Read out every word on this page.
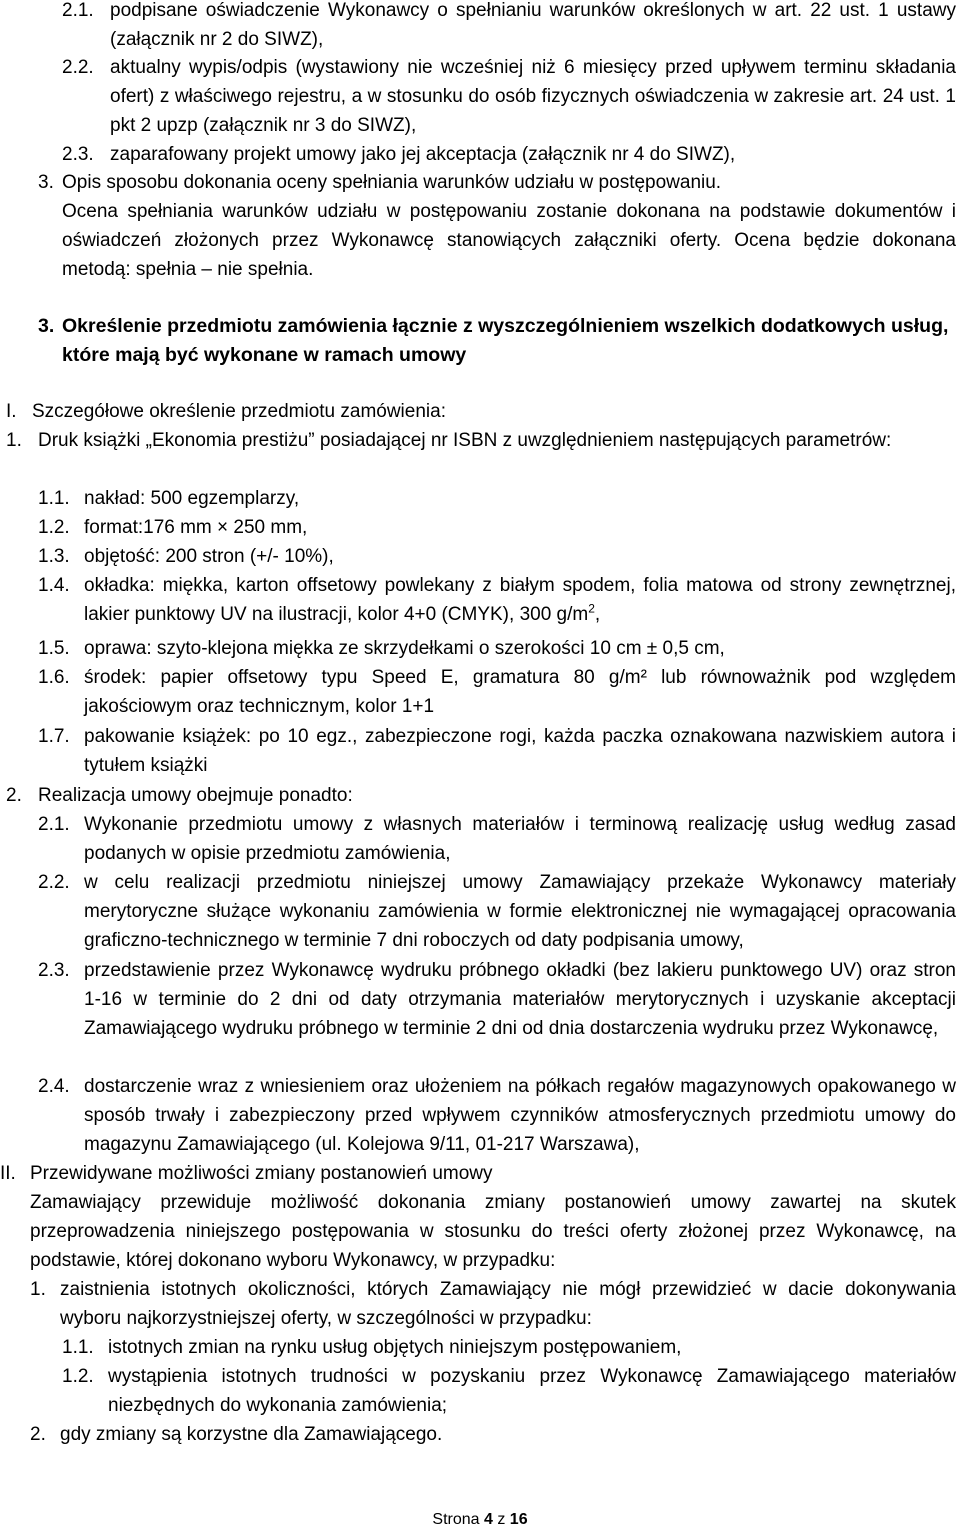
2.1. podpisane oświadczenie Wykonawcy o spełnianiu warunków określonych w art. 22 ust. 1 ustawy (załącznik nr 2 do SIWZ),
2.2. aktualny wypis/odpis (wystawiony nie wcześniej niż 6 miesięcy przed upływem terminu składania ofert) z właściwego rejestru, a w stosunku do osób fizycznych oświadczenia w zakresie art. 24 ust. 1 pkt 2 upzp (załącznik nr 3 do SIWZ),
2.3. zaparafowany projekt umowy jako jej akceptacja (załącznik nr 4 do SIWZ),
3. Opis sposobu dokonania oceny spełniania warunków udziału w postępowaniu.
Ocena spełniania warunków udziału w postępowaniu zostanie dokonana na podstawie dokumentów i oświadczeń złożonych przez Wykonawcę stanowiących załączniki oferty. Ocena będzie dokonana metodą: spełnia – nie spełnia.
3. Określenie przedmiotu zamówienia łącznie z wyszczególnieniem wszelkich dodatkowych usług, które mają być wykonane w ramach umowy
I. Szczegółowe określenie przedmiotu zamówienia:
1. Druk książki „Ekonomia prestiżu” posiadającej nr ISBN z uwzględnieniem następujących parametrów:
1.1. nakład: 500 egzemplarzy,
1.2. format:176 mm × 250 mm,
1.3. objętość: 200 stron (+/- 10%),
1.4. okładka: miękka, karton offsetowy powlekany z białym spodem, folia matowa od strony zewnętrznej, lakier punktowy UV na ilustracji, kolor 4+0 (CMYK), 300 $g/m^2$,
1.5. oprawa: szyto-klejona miękka ze skrzydełkami o szerokości 10 cm ± 0,5 cm,
1.6. środek: papier offsetowy typu Speed E, gramatura 80 g/m² lub równoważnik pod względem jakościowym oraz technicznym, kolor 1+1
1.7. pakowanie książek: po 10 egz., zabezpieczone rogi, każda paczka oznakowana nazwiskiem autora i tytułem książki
2. Realizacja umowy obejmuje ponadto:
2.1. Wykonanie przedmiotu umowy z własnych materiałów i terminową realizację usług według zasad podanych w opisie przedmiotu zamówienia,
2.2. w celu realizacji przedmiotu niniejszej umowy Zamawiający przekaże Wykonawcy materiały merytoryczne służące wykonaniu zamówienia w formie elektronicznej nie wymagającej opracowania graficzno-technicznego w terminie 7 dni roboczych od daty podpisania umowy,
2.3. przedstawienie przez Wykonawcę wydruku próbnego okładki (bez lakieru punktowego UV) oraz stron 1-16 w terminie do 2 dni od daty otrzymania materiałów merytorycznych i uzyskanie akceptacji Zamawiającego wydruku próbnego w terminie 2 dni od dnia dostarczenia wydruku przez Wykonawcę,
2.4. dostarczenie wraz z wniesieniem oraz ułożeniem na półkach regałów magazynowych opakowanego w sposób trwały i zabezpieczony przed wpływem czynników atmosferycznych przedmiotu umowy do magazynu Zamawiającego (ul. Kolejowa 9/11, 01-217 Warszawa),
II. Przewidywane możliwości zmiany postanowień umowy
Zamawiający przewiduje możliwość dokonania zmiany postanowień umowy zawartej na skutek przeprowadzenia niniejszego postępowania w stosunku do treści oferty złożonej przez Wykonawcę, na podstawie, której dokonano wyboru Wykonawcy, w przypadku:
1. zaistnienia istotnych okoliczności, których Zamawiający nie mógł przewidzieć w dacie dokonywania wyboru najkorzystniejszej oferty, w szczególności w przypadku:
1.1. istotnych zmian na rynku usług objętych niniejszym postępowaniem,
1.2. wystąpienia istotnych trudności w pozyskaniu przez Wykonawcę Zamawiającego materiałów niezbędnych do wykonania zamówienia;
2. gdy zmiany są korzystne dla Zamawiającego.
Strona 4 z 16
